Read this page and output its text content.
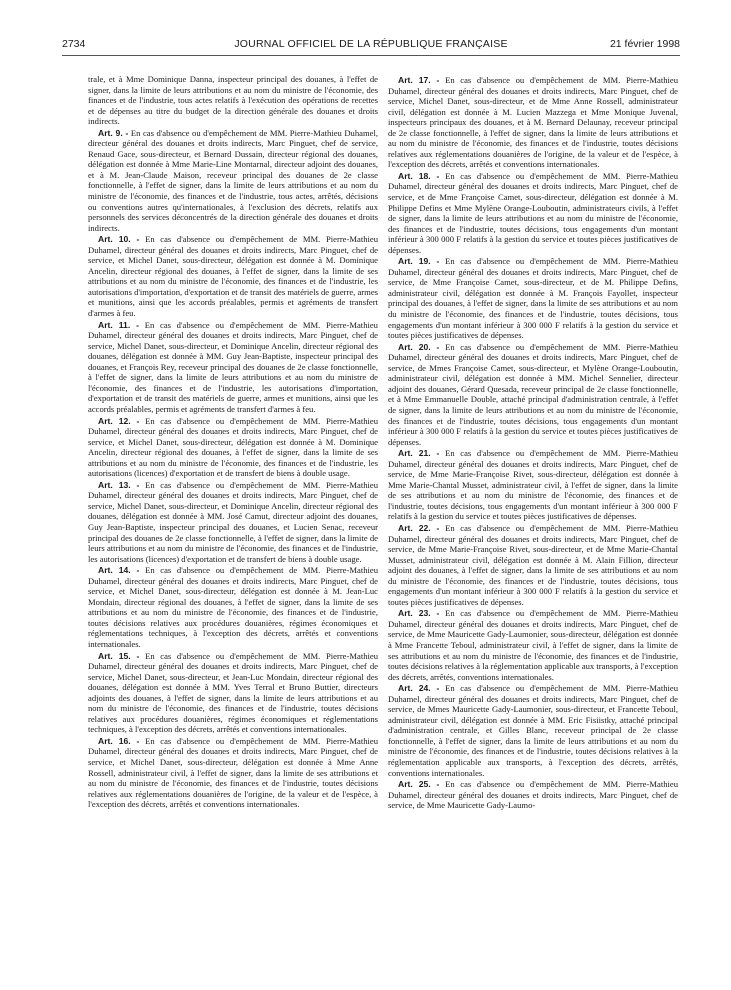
2734	JOURNAL OFFICIEL DE LA RÉPUBLIQUE FRANÇAISE	21 février 1998

trale, et à Mme Dominique Danna, inspecteur principal des douanes, à l'effet de signer, dans la limite de leurs attributions et au nom du ministre de l'économie, des finances et de l'industrie, tous actes relatifs à l'exécution des opérations de recettes et de dépenses au titre du budget de la direction générale des douanes et droits indirects.

Art. 9. - En cas d'absence ou d'empêchement de MM. Pierre-Mathieu Duhamel, directeur général des douanes et droits indirects, Marc Pinguet, chef de service, Renaud Gace, sous-directeur, et Bernard Dussain, directeur régional des douanes, délégation est donnée à Mme Marie-Line Montarnal, directeur adjoint des douanes, et à M. Jean-Claude Maison, receveur principal des douanes de 2e classe fonctionnelle, à l'effet de signer, dans la limite de leurs attributions et au nom du ministre de l'économie, des finances et de l'industrie, tous actes, arrêtés, décisions ou conventions autres qu'internationales, à l'exclusion des décrets, relatifs aux personnels des services déconcentrés de la direction générale des douanes et droits indirects.

Art. 10. - En cas d'absence ou d'empêchement de MM. Pierre-Mathieu Duhamel, directeur général des douanes et droits indirects, Marc Pinguet, chef de service, et Michel Danet, sous-directeur, délégation est donnée à M. Dominique Ancelin, directeur régional des douanes, à l'effet de signer, dans la limite de ses attributions et au nom du ministre de l'économie, des finances et de l'industrie, les autorisations d'importation, d'exportation et de transit des matériels de guerre, armes et munitions, ainsi que les accords préalables, permis et agréments de transfert d'armes à feu.

Art. 11. - En cas d'absence ou d'empêchement de MM. Pierre-Mathieu Duhamel, directeur général des douanes et droits indirects, Marc Pinguet, chef de service, Michel Danet, sous-directeur, et Dominique Ancelin, directeur régional des douanes, délégation est donnée à MM. Guy Jean-Baptiste, inspecteur principal des douanes, et François Rey, receveur principal des douanes de 2e classe fonctionnelle, à l'effet de signer, dans la limite de leurs attributions et au nom du ministre de l'économie, des finances et de l'industrie, les autorisations d'importation, d'exportation et de transit des matériels de guerre, armes et munitions, ainsi que les accords préalables, permis et agréments de transfert d'armes à feu.

Art. 12. - En cas d'absence ou d'empêchement de MM. Pierre-Mathieu Duhamel, directeur général des douanes et droits indirects, Marc Pinguet, chef de service, et Michel Danet, sous-directeur, délégation est donnée à M. Dominique Ancelin, directeur régional des douanes, à l'effet de signer, dans la limite de ses attributions et au nom du ministre de l'économie, des finances et de l'industrie, les autorisations (licences) d'exportation et de transfert de biens à double usage.

Art. 13. - En cas d'absence ou d'empêchement de MM. Pierre-Mathieu Duhamel, directeur général des douanes et droits indirects, Marc Pinguet, chef de service, Michel Danet, sous-directeur, et Dominique Ancelin, directeur régional des douanes, délégation est donnée à MM. José Camut, directeur adjoint des douanes, Guy Jean-Baptiste, inspecteur principal des douanes, et Lucien Senac, receveur principal des douanes de 2e classe fonctionnelle, à l'effet de signer, dans la limite de leurs attributions et au nom du ministre de l'économie, des finances et de l'industrie, les autorisations (licences) d'exportation et de transfert de biens à double usage.

Art. 14. - En cas d'absence ou d'empêchement de MM. Pierre-Mathieu Duhamel, directeur général des douanes et droits indirects, Marc Pinguet, chef de service, et Michel Danet, sous-directeur, délégation est donnée à M. Jean-Luc Mondain, directeur régional des douanes, à l'effet de signer, dans la limite de ses attributions et au nom du ministre de l'économie, des finances et de l'industrie, toutes décisions relatives aux procédures douanières, régimes économiques et réglementations techniques, à l'exception des décrets, arrêtés et conventions internationales.

Art. 15. - En cas d'absence ou d'empêchement de MM. Pierre-Mathieu Duhamel, directeur général des douanes et droits indirects, Marc Pinguet, chef de service, Michel Danet, sous-directeur, et Jean-Luc Mondain, directeur régional des douanes, délégation est donnée à MM. Yves Terral et Bruno Buttier, directeurs adjoints des douanes, à l'effet de signer, dans la limite de leurs attributions et au nom du ministre de l'économie, des finances et de l'industrie, toutes décisions relatives aux procédures douanières, régimes économiques et réglementations techniques, à l'exception des décrets, arrêtés et conventions internationales.

Art. 16. - En cas d'absence ou d'empêchement de MM. Pierre-Mathieu Duhamel, directeur général des douanes et droits indirects, Marc Pinguet, chef de service, et Michel Danet, sous-directeur, délégation est donnée à Mme Anne Rossell, administrateur civil, à l'effet de signer, dans la limite de ses attributions et au nom du ministre de l'économie, des finances et de l'industrie, toutes décisions relatives aux réglementations douanières de l'origine, de la valeur et de l'espèce, à l'exception des décrets, arrêtés et conventions internationales.

Art. 17. - En cas d'absence ou d'empêchement de MM. Pierre-Mathieu Duhamel, directeur général des douanes et droits indirects, Marc Pinguet, chef de service, Michel Danet, sous-directeur, et de Mme Anne Rossell, administrateur civil, délégation est donnée à M. Lucien Mazzega et Mme Monique Juvenal, inspecteurs principaux des douanes, et à M. Bernard Delaunay, receveur principal de 2e classe fonctionnelle, à l'effet de signer, dans la limite de leurs attributions et au nom du ministre de l'économie, des finances et de l'industrie, toutes décisions relatives aux réglementations douanières de l'origine, de la valeur et de l'espèce, à l'exception des décrets, arrêtés et conventions internationales.

Art. 18. - En cas d'absence ou d'empêchement de MM. Pierre-Mathieu Duhamel, directeur général des douanes et droits indirects, Marc Pinguet, chef de service, et de Mme Françoise Camet, sous-directeur, délégation est donnée à M. Philippe Defins et Mme Mylène Orange-Louboutin, administrateurs civils, à l'effet de signer, dans la limite de leurs attributions et au nom du ministre de l'économie, des finances et de l'industrie, toutes décisions, tous engagements d'un montant inférieur à 300 000 F relatifs à la gestion du service et toutes pièces justificatives de dépenses.

Art. 19. - En cas d'absence ou d'empêchement de MM. Pierre-Mathieu Duhamel, directeur général des douanes et droits indirects, Marc Pinguet, chef de service, de Mme Françoise Camet, sous-directeur, et de M. Philippe Defins, administrateur civil, délégation est donnée à M. François Fayollet, inspecteur principal des douanes, à l'effet de signer, dans la limite de ses attributions et au nom du ministre de l'économie, des finances et de l'industrie, toutes décisions, tous engagements d'un montant inférieur à 300 000 F relatifs à la gestion du service et toutes pièces justificatives de dépenses.

Art. 20. - En cas d'absence ou d'empêchement de MM. Pierre-Mathieu Duhamel, directeur général des douanes et droits indirects, Marc Pinguet, chef de service, de Mmes Françoise Camet, sous-directeur, et Mylène Orange-Louboutin, administrateur civil, délégation est donnée à MM. Michel Sennelier, directeur adjoint des douanes, Gérard Quesada, receveur principal de 2e classe fonctionnelle, et à Mme Emmanuelle Double, attaché principal d'administration centrale, à l'effet de signer, dans la limite de leurs attributions et au nom du ministre de l'économie, des finances et de l'industrie, toutes décisions, tous engagements d'un montant inférieur à 300 000 F relatifs à la gestion du service et toutes pièces justificatives de dépenses.

Art. 21. - En cas d'absence ou d'empêchement de MM. Pierre-Mathieu Duhamel, directeur général des douanes et droits indirects, Marc Pinguet, chef de service, de Mme Marie-Françoise Rivet, sous-directeur, délégation est donnée à Mme Marie-Chantal Musset, administrateur civil, à l'effet de signer, dans la limite de ses attributions et au nom du ministre de l'économie, des finances et de l'industrie, toutes décisions, tous engagements d'un montant inférieur à 300 000 F relatifs à la gestion du service et toutes pièces justificatives de dépenses.

Art. 22. - En cas d'absence ou d'empêchement de MM. Pierre-Mathieu Duhamel, directeur général des douanes et droits indirects, Marc Pinguet, chef de service, de Mme Marie-Françoise Rivet, sous-directeur, et de Mme Marie-Chantal Musset, administrateur civil, délégation est donnée à M. Alain Fillion, directeur adjoint des douanes, à l'effet de signer, dans la limite de ses attributions et au nom du ministre de l'économie, des finances et de l'industrie, toutes décisions, tous engagements d'un montant inférieur à 300 000 F relatifs à la gestion du service et toutes pièces justificatives de dépenses.

Art. 23. - En cas d'absence ou d'empêchement de MM. Pierre-Mathieu Duhamel, directeur général des douanes et droits indirects, Marc Pinguet, chef de service, de Mme Mauricette Gady-Laumonier, sous-directeur, délégation est donnée à Mme Francette Teboul, administrateur civil, à l'effet de signer, dans la limite de ses attributions et au nom du ministre de l'économie, des finances et de l'industrie, toutes décisions relatives à la réglementation applicable aux transports, à l'exception des décrets, arrêtés, conventions internationales.

Art. 24. - En cas d'absence ou d'empêchement de MM. Pierre-Mathieu Duhamel, directeur général des douanes et droits indirects, Marc Pinguet, chef de service, de Mmes Mauricette Gady-Laumonier, sous-directeur, et Francette Teboul, administrateur civil, délégation est donnée à MM. Eric Fisiistky, attaché principal d'administration centrale, et Gilles Blanc, receveur principal de 2e classe fonctionnelle, à l'effet de signer, dans la limite de leurs attributions et au nom du ministre de l'économie, des finances et de l'industrie, toutes décisions relatives à la réglementation applicable aux transports, à l'exception des décrets, arrêtés, conventions internationales.

Art. 25. - En cas d'absence ou d'empêchement de MM. Pierre-Mathieu Duhamel, directeur général des douanes et droits indirects, Marc Pinguet, chef de service, de Mme Mauricette Gady-Laumo-
